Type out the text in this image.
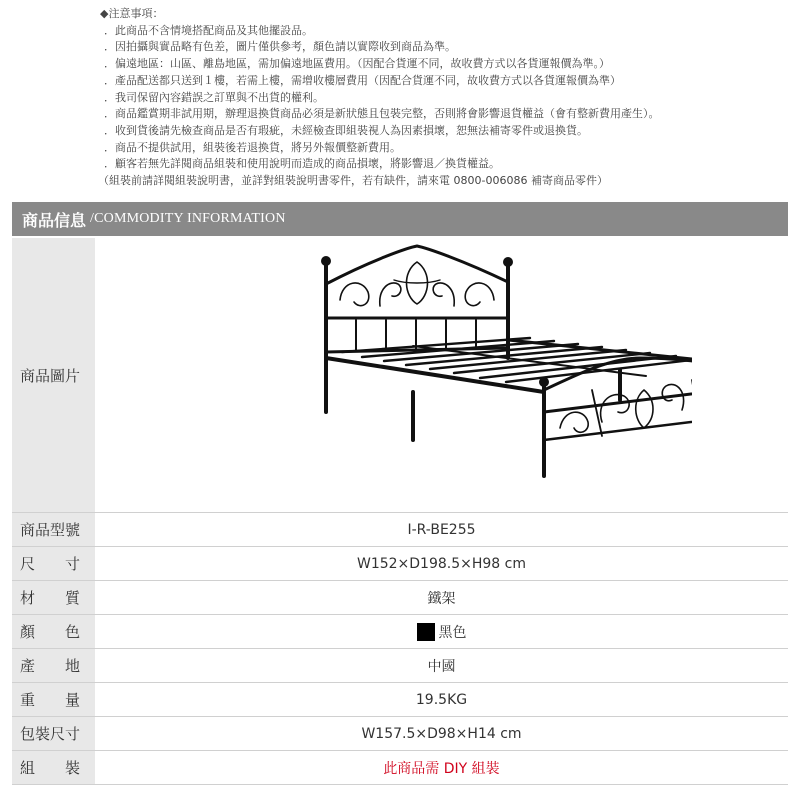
◆注意事項：
．此商品不含情境搭配商品及其他擺設品。
．因拍攝與實品略有色差，圖片僅供參考，顏色請以實際收到商品為準。
．偏遠地區：山區、離島地區，需加偏遠地區費用。（因配合貨運不同，故收費方式以各貨運報價為準。）
．產品配送都只送到１樓，若需上樓，需增收樓層費用（因配合貨運不同，故收費方式以各貨運報價為準）
．我司保留內容錯誤之訂單與不出貨的權利。
．商品鑑賞期非試用期，辦理退換貨商品必須是新狀態且包裝完整，否則將會影響退貨權益（會有整新費用產生）。
．收到貨後請先檢查商品是否有瑕疵，未經檢查即組裝視人為因素損壞，恕無法補寄零件或退換貨。
．商品不提供試用，組裝後若退換貨，將另外報價整新費用。
．顧客若無先詳閱商品組裝和使用說明而造成的商品損壞，將影響退／換貨權益。
（組裝前請詳閱組裝說明書，並詳對組裝說明書零件，若有缺件，請來電 0800-006086 補寄商品零件）
商品信息 /COMMODITY INFORMATION
商品圖片
商品型號	I-R-BE255
尺　　寸	W152×D198.5×H98 cm
材　　質	鐵架
顏　　色	黑色
產　　地	中國
重　　量	19.5KG
包裝尺寸	W157.5×D98×H14 cm
組　　裝	此商品需 DIY 組裝
